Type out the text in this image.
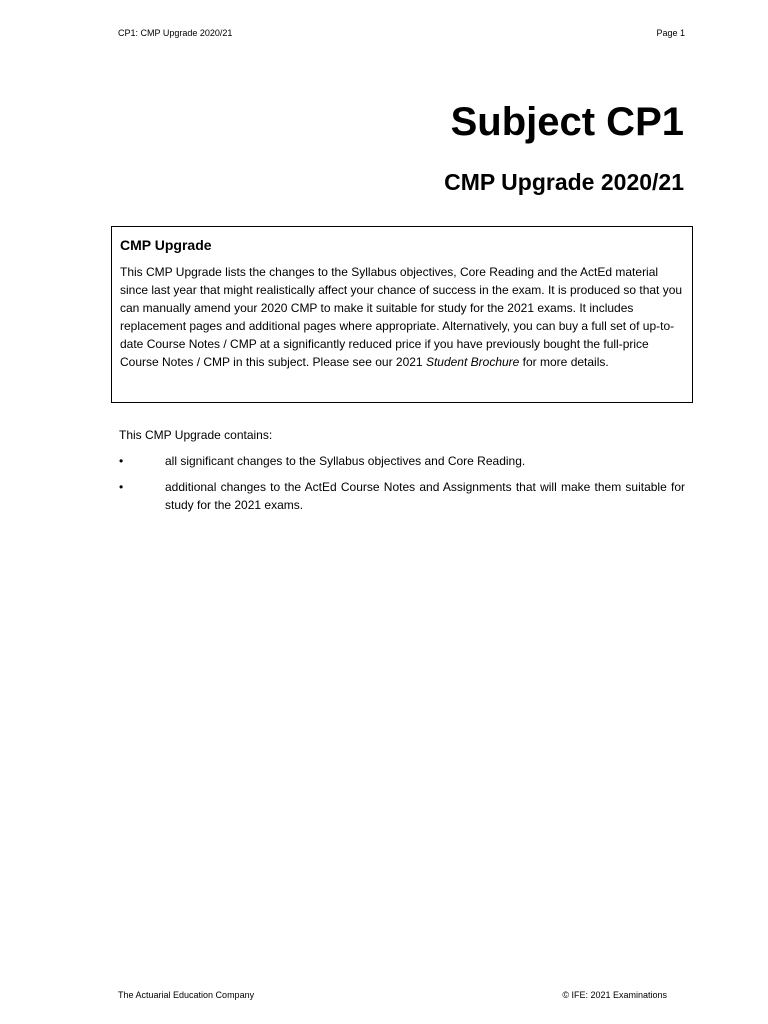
CP1: CMP Upgrade 2020/21	Page 1
Subject CP1
CMP Upgrade 2020/21
CMP Upgrade

This CMP Upgrade lists the changes to the Syllabus objectives, Core Reading and the ActEd material since last year that might realistically affect your chance of success in the exam. It is produced so that you can manually amend your 2020 CMP to make it suitable for study for the 2021 exams. It includes replacement pages and additional pages where appropriate. Alternatively, you can buy a full set of up-to-date Course Notes / CMP at a significantly reduced price if you have previously bought the full-price Course Notes / CMP in this subject. Please see our 2021 Student Brochure for more details.

This CMP Upgrade contains:

•	all significant changes to the Syllabus objectives and Core Reading.
•	additional changes to the ActEd Course Notes and Assignments that will make them suitable for study for the 2021 exams.
The Actuarial Education Company	© IFE: 2021 Examinations
